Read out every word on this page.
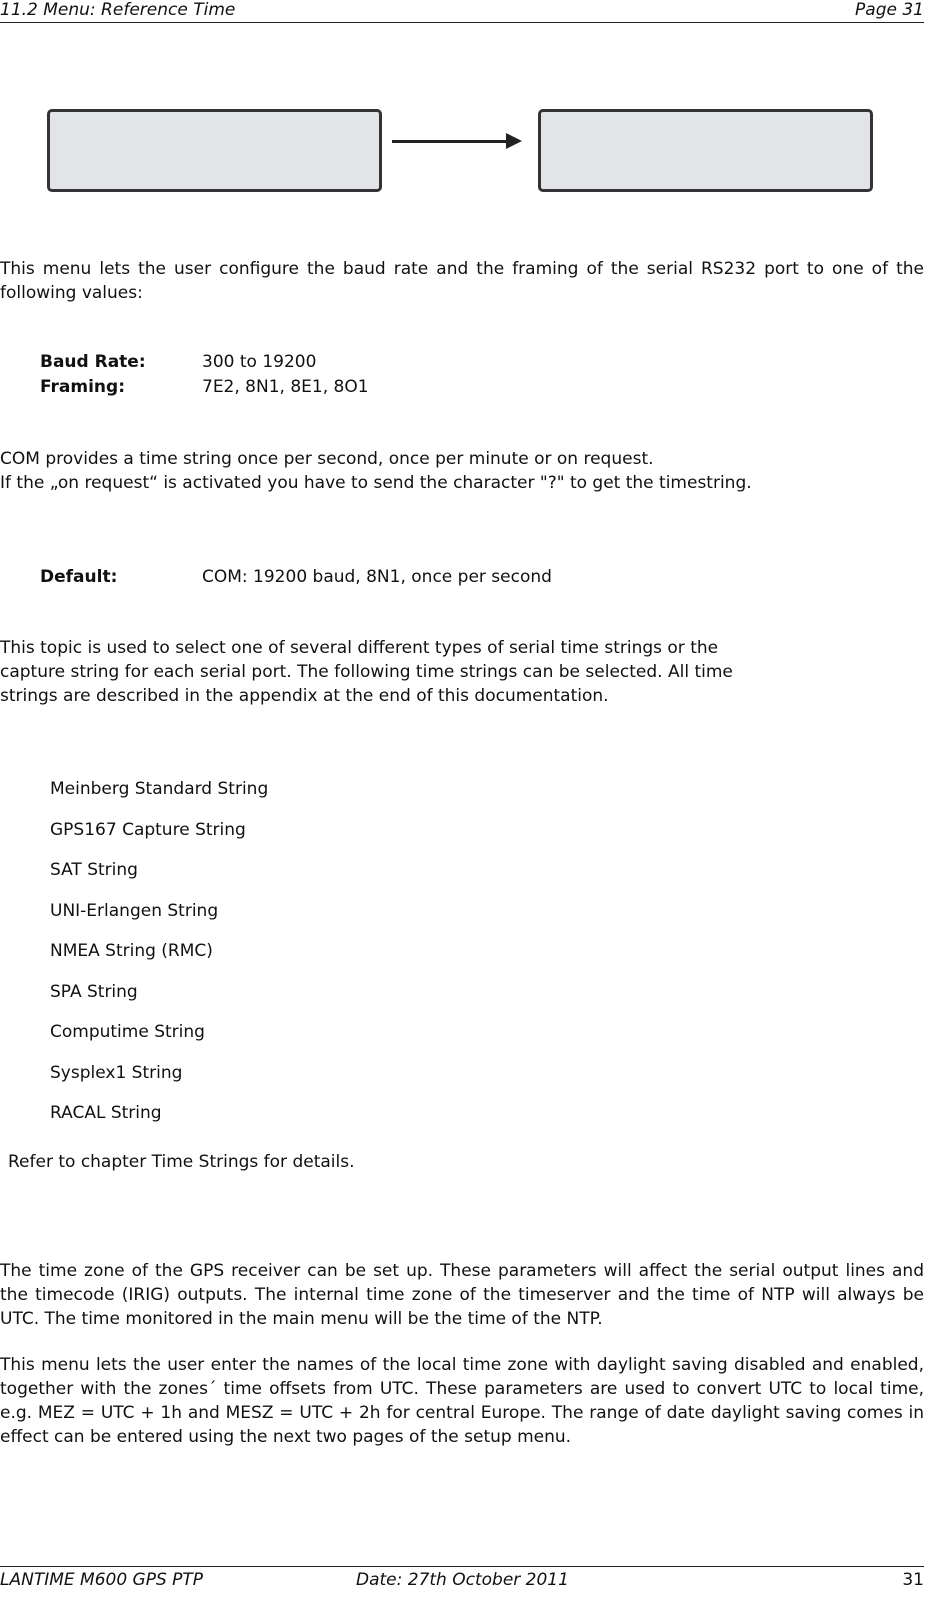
11.2 Menu: Reference Time	Page 31

This menu lets the user configure the baud rate and the framing of the serial RS232 port to one of the following values:

Baud Rate:	300 to 19200
Framing:	7E2, 8N1, 8E1, 8O1

COM provides a time string once per second, once per minute or on request.

If the „on request“ is activated you have to send the character "?" to get the timestring.

Default:	COM: 19200 baud, 8N1, once per second

This topic is used to select one of several different types of serial time strings or the

capture string for each serial port. The following time strings can be selected. All time

strings are described in the appendix at the end of this documentation.

Meinberg Standard String
GPS167 Capture String
SAT String
UNI-Erlangen String
NMEA String (RMC)
SPA String
Computime String
Sysplex1 String
RACAL String

Refer to chapter Time Strings for details.

The time zone of the GPS receiver can be set up. These parameters will affect the serial output lines and the timecode (IRIG) outputs. The internal time zone of the timeserver and the time of NTP will always be UTC. The time monitored in the main menu will be the time of the NTP.

This menu lets the user enter the names of the local time zone with daylight saving disabled and enabled, together with the zones´ time offsets from UTC. These parameters are used to convert UTC to local time, e.g. MEZ = UTC + 1h and MESZ = UTC + 2h for central Europe. The range of date daylight saving comes in effect can be entered using the next two pages of the setup menu.

LANTIME M600 GPS PTP	Date: 27th October 2011	31
